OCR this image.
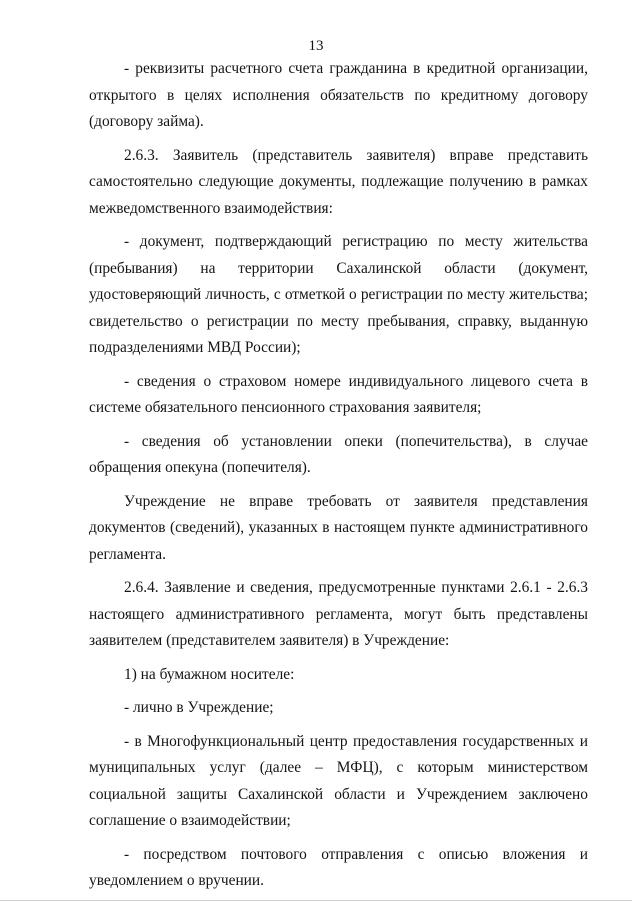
13

- реквизиты расчетного счета гражданина в кредитной организации, открытого в целях исполнения обязательств по кредитному договору (договору займа).

2.6.3. Заявитель (представитель заявителя) вправе представить самостоятельно следующие документы, подлежащие получению в рамках межведомственного взаимодействия:

- документ, подтверждающий регистрацию по месту жительства (пребывания) на территории Сахалинской области (документ, удостоверяющий личность, с отметкой о регистрации по месту жительства; свидетельство о регистрации по месту пребывания, справку, выданную подразделениями МВД России);

- сведения о страховом номере индивидуального лицевого счета в системе обязательного пенсионного страхования заявителя;

- сведения об установлении опеки (попечительства), в случае обращения опекуна (попечителя).

Учреждение не вправе требовать от заявителя представления документов (сведений), указанных в настоящем пункте административного регламента.

2.6.4. Заявление и сведения, предусмотренные пунктами 2.6.1 - 2.6.3 настоящего административного регламента, могут быть представлены заявителем (представителем заявителя) в Учреждение:

1) на бумажном носителе:

- лично в Учреждение;

- в Многофункциональный центр предоставления государственных и муниципальных услуг (далее – МФЦ), с которым министерством социальной защиты Сахалинской области и Учреждением заключено соглашение о взаимодействии;

- посредством почтового отправления с описью вложения и уведомлением о вручении.
